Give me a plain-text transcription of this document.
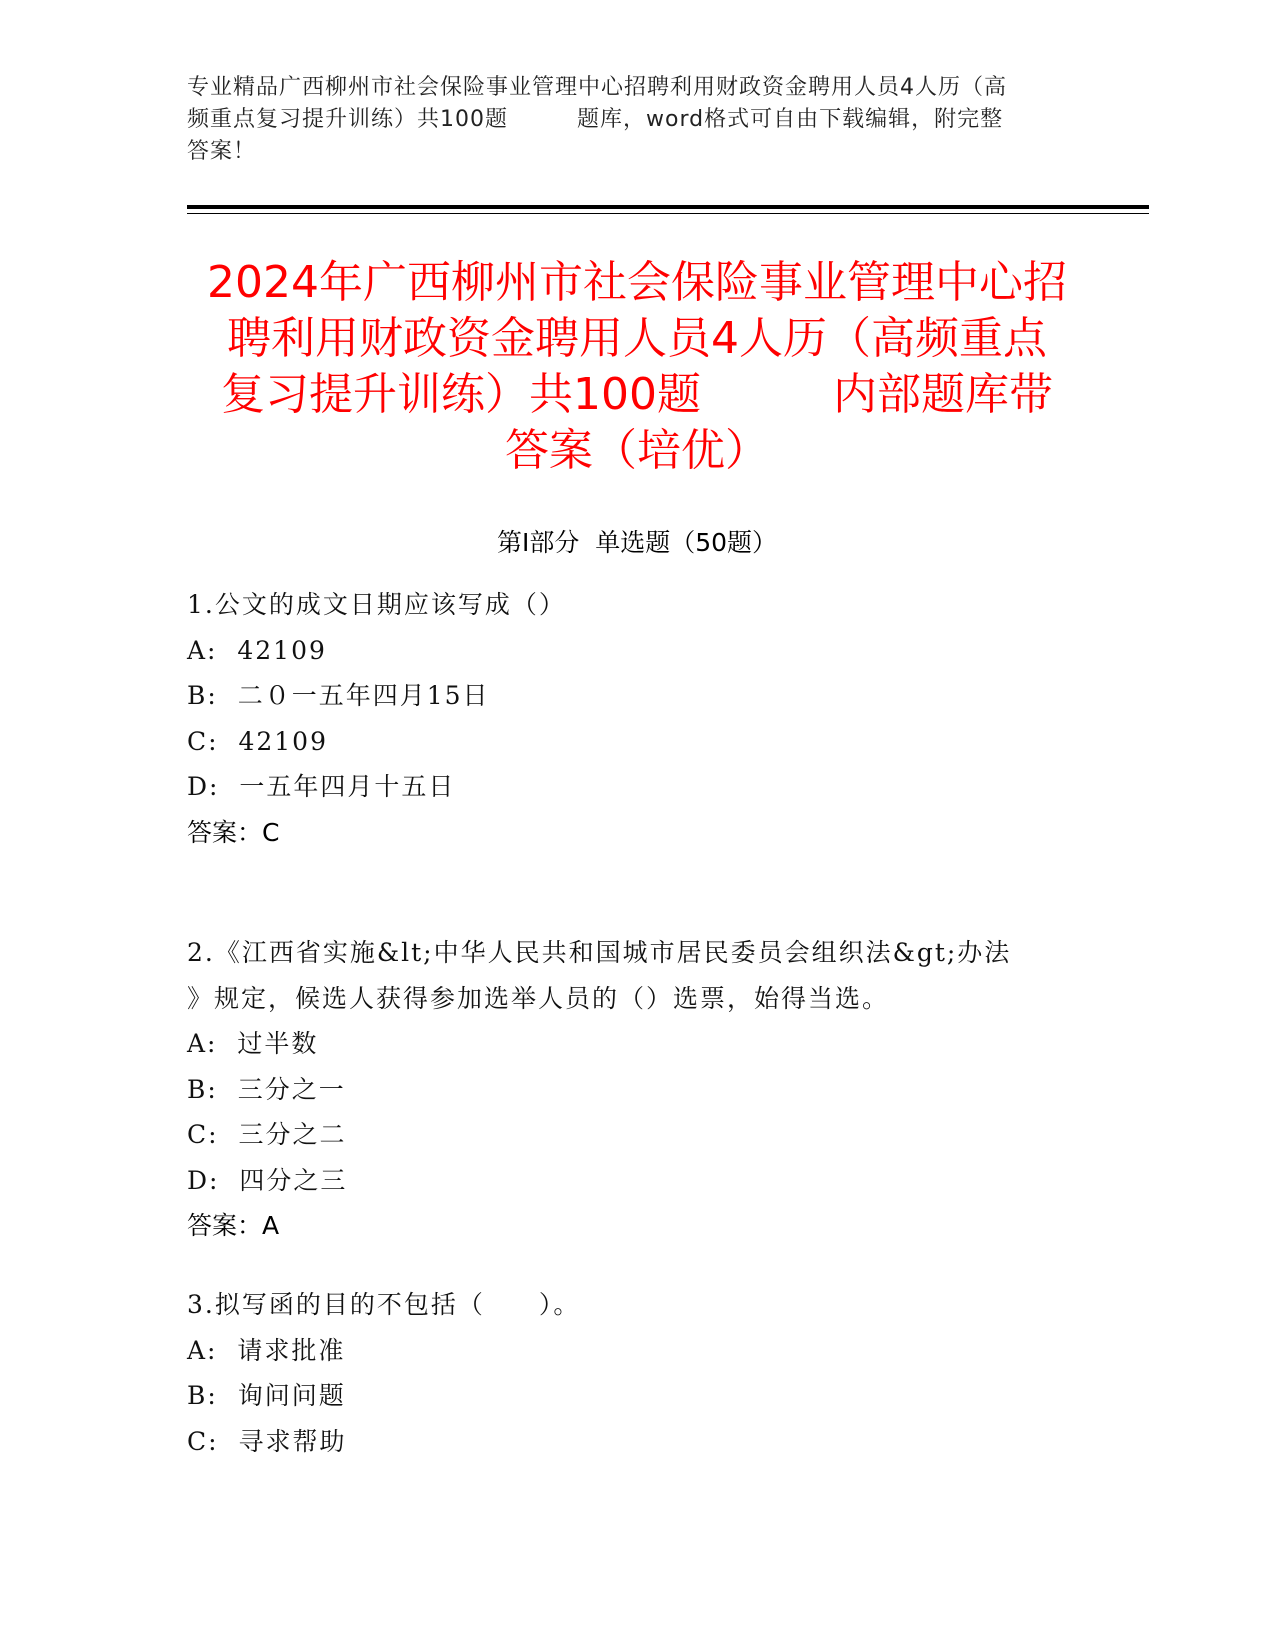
专业精品广西柳州市社会保险事业管理中心招聘利用财政资金聘用人员4人历（高
频重点复习提升训练）共100题　　　题库，word格式可自由下载编辑，附完整
答案！
2024年广西柳州市社会保险事业管理中心招
聘利用财政资金聘用人员4人历（高频重点
复习提升训练）共100题　　　内部题库带
答案（培优）
第Ⅰ部分  单选题（50题）
1.公文的成文日期应该写成（）
A:  42109
B:  二０一五年四月15日
C:  42109
D:  一五年四月十五日
答案：C
2.《江西省实施&lt;中华人民共和国城市居民委员会组织法&gt;办法
》规定，候选人获得参加选举人员的（）选票，始得当选。
A:  过半数
B:  三分之一
C:  三分之二
D:  四分之三
答案：A
3.拟写函的目的不包括（　　）。
A:  请求批准
B:  询问问题
C:  寻求帮助
